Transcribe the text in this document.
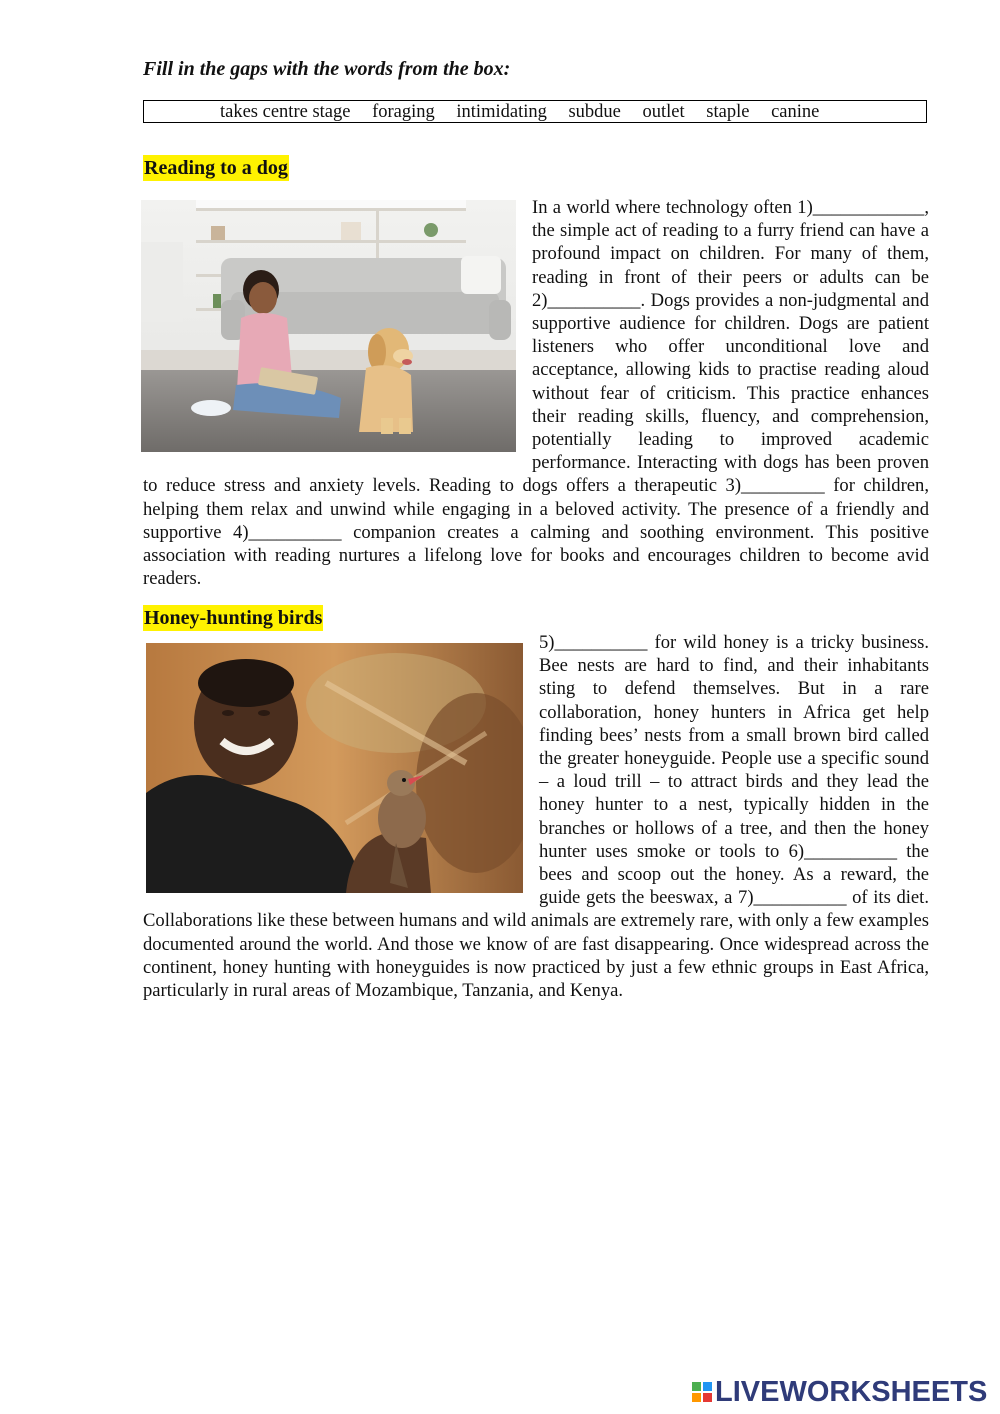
Fill in the gaps with the words from the box:
takes centre stage foraging intimidating subdue outlet staple canine
Reading to a dog
In a world where technology often 1)____________, the simple act of reading to a furry friend can have a profound impact on children. For many of them, reading in front of their peers or adults can be 2)__________. Dogs provides a non-judgmental and supportive audience for children. Dogs are patient listeners who offer unconditional love and acceptance, allowing kids to practise reading aloud without fear of criticism. This practice enhances their reading skills, fluency, and comprehension, potentially leading to improved academic performance. Interacting with dogs has been proven to reduce stress and anxiety levels. Reading to dogs offers a therapeutic 3)_________ for children, helping them relax and unwind while engaging in a beloved activity. The presence of a friendly and supportive 4)__________ companion creates a calming and soothing environment. This positive association with reading nurtures a lifelong love for books and encourages children to become avid readers.
Honey-hunting birds
5)__________ for wild honey is a tricky business. Bee nests are hard to find, and their inhabitants sting to defend themselves. But in a rare collaboration, honey hunters in Africa get help finding bees’ nests from a small brown bird called the greater honeyguide. People use a specific sound – a loud trill – to attract birds and they lead the honey hunter to a nest, typically hidden in the branches or hollows of a tree, and then the honey hunter uses smoke or tools to 6)__________ the bees and scoop out the honey. As a reward, the guide gets the beeswax, a 7)__________ of its diet. Collaborations like these between humans and wild animals are extremely rare, with only a few examples documented around the world. And those we know of are fast disappearing. Once widespread across the continent, honey hunting with honeyguides is now practiced by just a few ethnic groups in East Africa, particularly in rural areas of Mozambique, Tanzania, and Kenya.
LIVEWORKSHEETS
